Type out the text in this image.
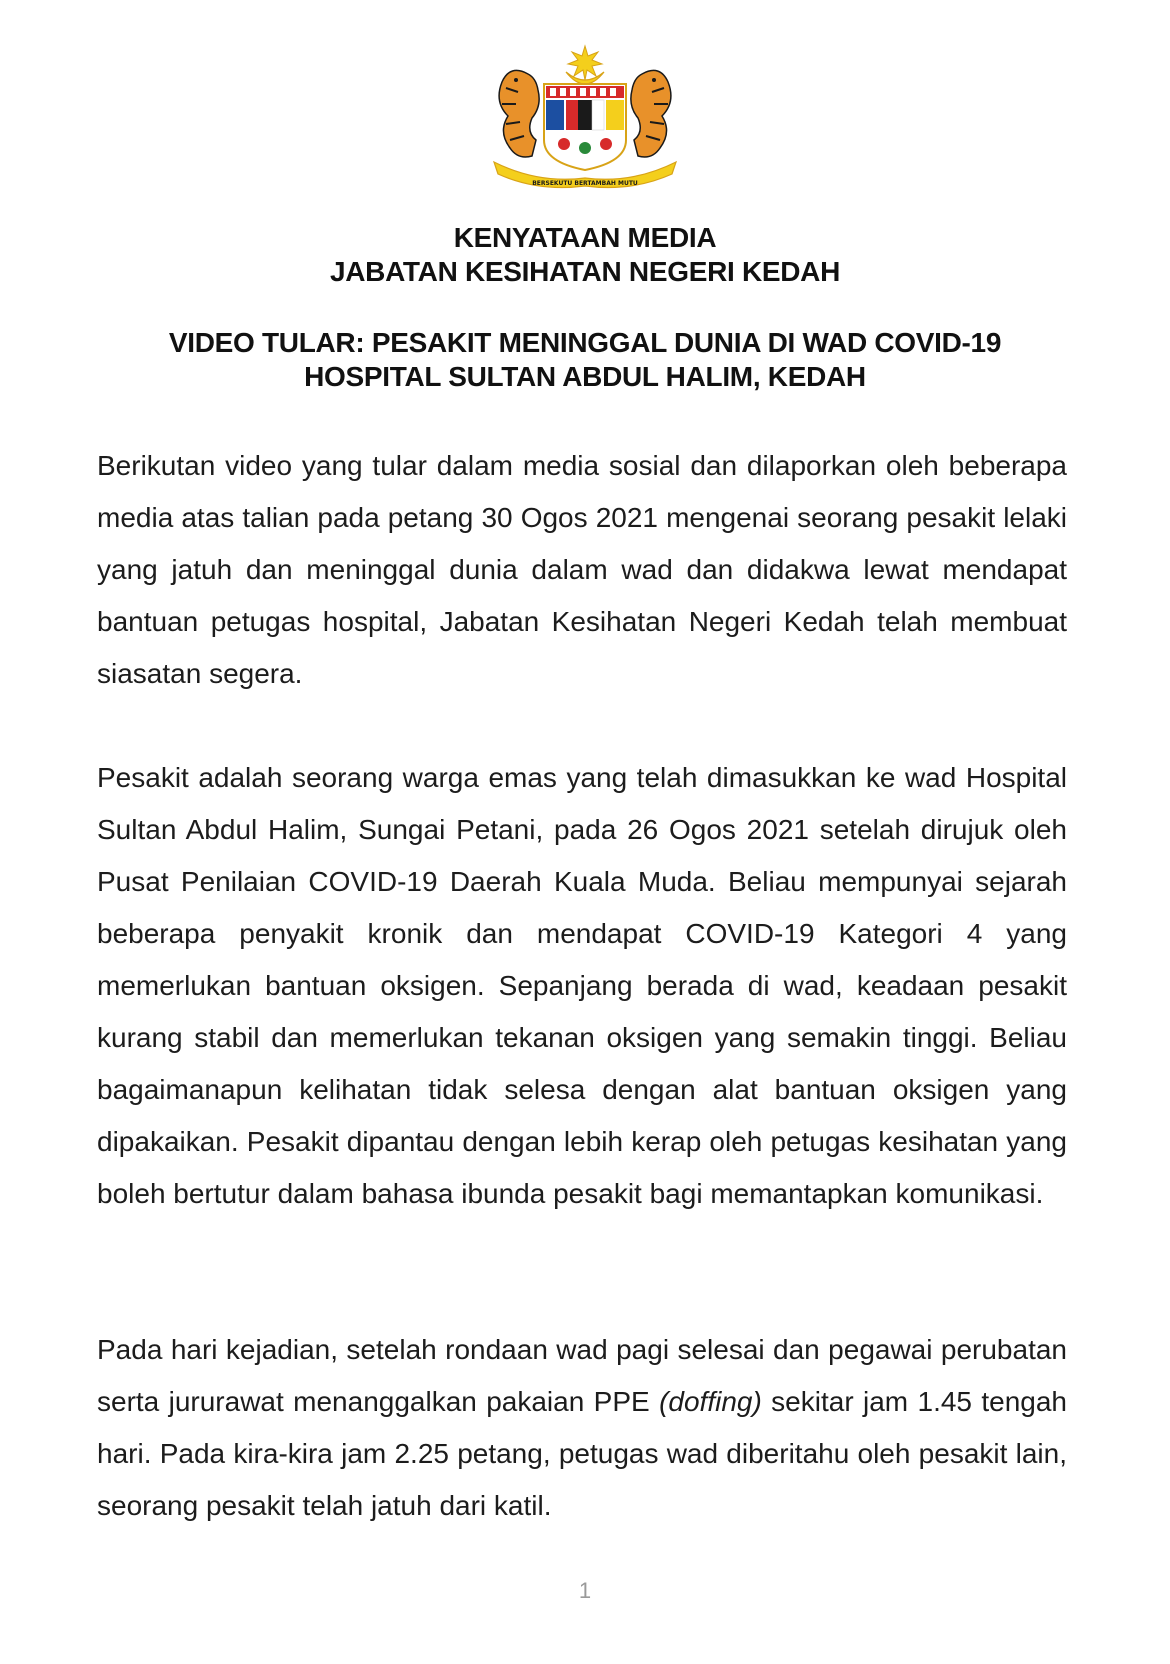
BERSEKUTU BERTAMBAH MUTU
KENYATAAN MEDIA
JABATAN KESIHATAN NEGERI KEDAH
VIDEO TULAR: PESAKIT MENINGGAL DUNIA DI WAD COVID-19
HOSPITAL SULTAN ABDUL HALIM, KEDAH

Berikutan video yang tular dalam media sosial dan dilaporkan oleh beberapa media atas talian pada petang 30 Ogos 2021 mengenai seorang pesakit lelaki yang jatuh dan meninggal dunia dalam wad dan didakwa lewat mendapat bantuan petugas hospital, Jabatan Kesihatan Negeri Kedah telah membuat siasatan segera.

Pesakit adalah seorang warga emas yang telah dimasukkan ke wad Hospital Sultan Abdul Halim, Sungai Petani, pada 26 Ogos 2021 setelah dirujuk oleh Pusat Penilaian COVID-19 Daerah Kuala Muda. Beliau mempunyai sejarah beberapa penyakit kronik dan mendapat COVID-19 Kategori 4 yang memerlukan bantuan oksigen. Sepanjang berada di wad, keadaan pesakit kurang stabil dan memerlukan tekanan oksigen yang semakin tinggi. Beliau bagaimanapun kelihatan tidak selesa dengan alat bantuan oksigen yang dipakaikan. Pesakit dipantau dengan lebih kerap oleh petugas kesihatan yang boleh bertutur dalam bahasa ibunda pesakit bagi memantapkan komunikasi.

Pada hari kejadian, setelah rondaan wad pagi selesai dan pegawai perubatan serta jururawat menanggalkan pakaian PPE (doffing) sekitar jam 1.45 tengah hari. Pada kira-kira jam 2.25 petang, petugas wad diberitahu oleh pesakit lain, seorang pesakit telah jatuh dari katil.

1
